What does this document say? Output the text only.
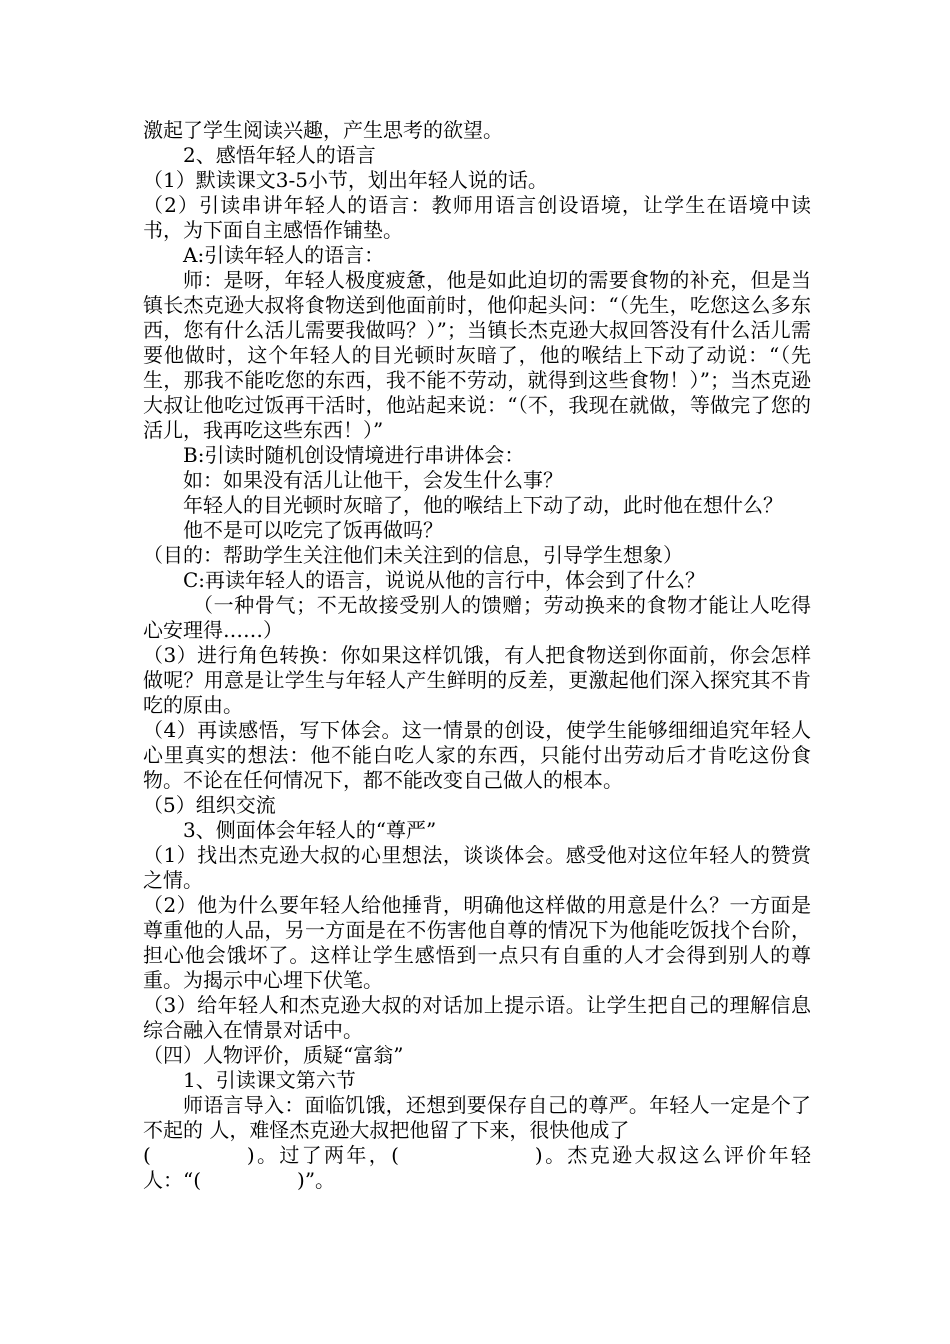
激起了学生阅读兴趣，产生思考的欲望。

2、感悟年轻人的语言

（1）默读课文3-5小节，划出年轻人说的话。

（2）引读串讲年轻人的语言：教师用语言创设语境，让学生在语境中读书，为下面自主感悟作铺垫。

A:引读年轻人的语言：

师：是呀，年轻人极度疲惫，他是如此迫切的需要食物的补充，但是当镇长杰克逊大叔将食物送到他面前时，他仰起头问：“（先生，吃您这么多东西，您有什么活儿需要我做吗？）”；当镇长杰克逊大叔回答没有什么活儿需要他做时，这个年轻人的目光顿时灰暗了，他的喉结上下动了动说：“（先生，那我不能吃您的东西，我不能不劳动，就得到这些食物！）”；当杰克逊大叔让他吃过饭再干活时，他站起来说：“（不，我现在就做，等做完了您的活儿，我再吃这些东西！）”

B:引读时随机创设情境进行串讲体会：

如：如果没有活儿让他干，会发生什么事？

年轻人的目光顿时灰暗了，他的喉结上下动了动，此时他在想什么？

他不是可以吃完了饭再做吗？

（目的：帮助学生关注他们未关注到的信息，引导学生想象）

C:再读年轻人的语言，说说从他的言行中，体会到了什么？

（一种骨气；不无故接受别人的馈赠；劳动换来的食物才能让人吃得心安理得……）

（3）进行角色转换：你如果这样饥饿，有人把食物送到你面前，你会怎样做呢？用意是让学生与年轻人产生鲜明的反差，更激起他们深入探究其不肯吃的原由。

（4）再读感悟，写下体会。这一情景的创设，使学生能够细细追究年轻人心里真实的想法：他不能白吃人家的东西，只能付出劳动后才肯吃这份食物。不论在任何情况下，都不能改变自己做人的根本。

（5）组织交流

3、侧面体会年轻人的“尊严”

（1）找出杰克逊大叔的心里想法，谈谈体会。感受他对这位年轻人的赞赏之情。

（2）他为什么要年轻人给他捶背，明确他这样做的用意是什么？一方面是尊重他的人品，另一方面是在不伤害他自尊的情况下为他能吃饭找个台阶，担心他会饿坏了。这样让学生感悟到一点只有自重的人才会得到别人的尊重。为揭示中心埋下伏笔。

（3）给年轻人和杰克逊大叔的对话加上提示语。让学生把自己的理解信息综合融入在情景对话中。

（四）人物评价，质疑“富翁”

1、引读课文第六节

师语言导入：面临饥饿，还想到要保存自己的尊严。年轻人一定是个了不起的 人，难怪杰克逊大叔把他留了下来，很快他成了

(	)。过了两年，(	)。杰克逊大叔这么评价年轻人：“(	)”。
